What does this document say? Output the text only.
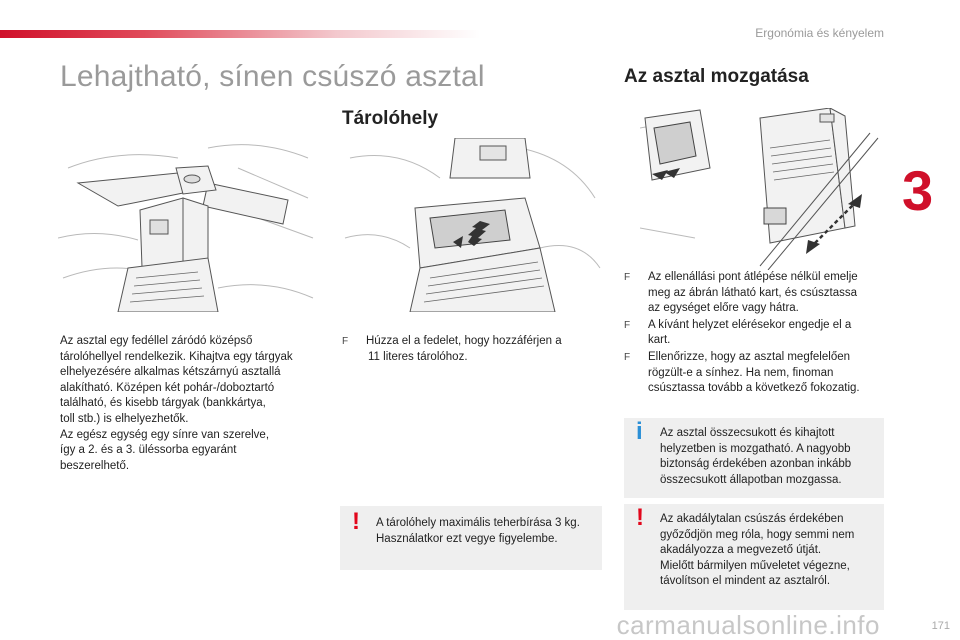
Ergonómia és kényelem
3
Lehajtható, sínen csúszó asztal
Tárolóhely
Az asztal mozgatása
Az asztal egy fedéllel záródó középső
tárolóhellyel rendelkezik. Kihajtva egy tárgyak
elhelyezésére alkalmas kétszárnyú asztallá
alakítható. Középen két pohár-/doboztartó
található, és kisebb tárgyak (bankkártya,
toll stb.) is elhelyezhetők.
Az egész egység egy sínre van szerelve,
így a 2. és a 3. üléssorba egyaránt
beszerelhető.
F Húzza el a fedelet, hogy hozzáférjen a
11 literes tárolóhoz.
! A tárolóhely maximális teherbírása 3 kg.
Használatkor ezt vegye figyelembe.
F Az ellenállási pont átlépése nélkül emelje
meg az ábrán látható kart, és csúsztassa
az egységet előre vagy hátra.
F A kívánt helyzet elérésekor engedje el a
kart.
F Ellenőrizze, hogy az asztal megfelelően
rögzült-e a sínhez. Ha nem, finoman
csúsztassa tovább a következő fokozatig.
i Az asztal összecsukott és kihajtott
helyzetben is mozgatható. A nagyobb
biztonság érdekében azonban inkább
összecsukott állapotban mozgassa.
! Az akadálytalan csúszás érdekében
győződjön meg róla, hogy semmi nem
akadályozza a megvezető útját.
Mielőtt bármilyen műveletet végezne,
távolítson el mindent az asztalról.
carmanualsonline.info	171
